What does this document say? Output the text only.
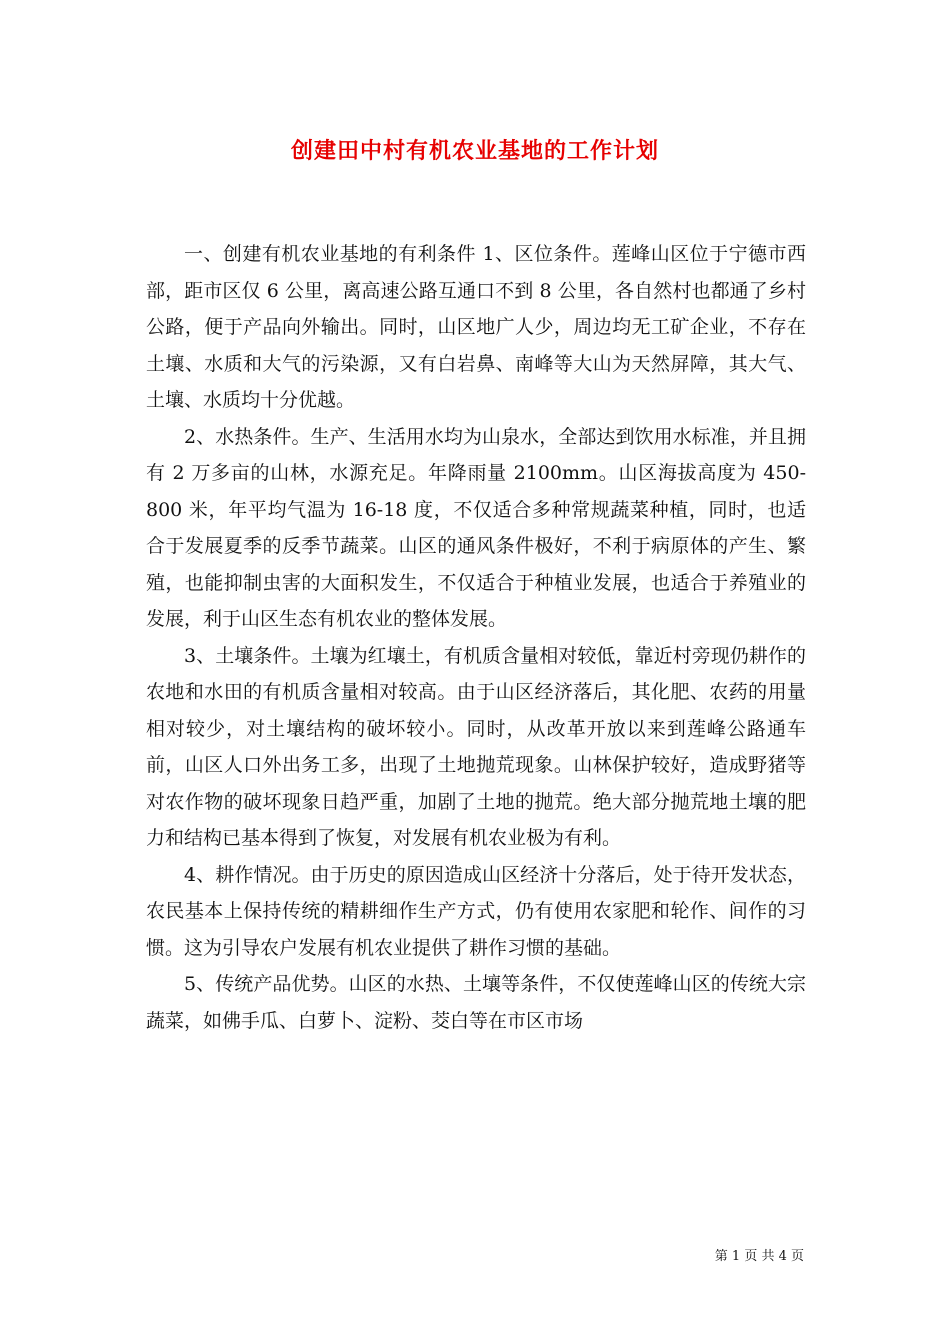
创建田中村有机农业基地的工作计划

一、创建有机农业基地的有利条件 1、区位条件。莲峰山区位于宁德市西部，距市区仅 6 公里，离高速公路互通口不到 8 公里，各自然村也都通了乡村公路，便于产品向外输出。同时，山区地广人少，周边均无工矿企业，不存在土壤、水质和大气的污染源，又有白岩鼻、南峰等大山为天然屏障，其大气、土壤、水质均十分优越。

2、水热条件。生产、生活用水均为山泉水，全部达到饮用水标准，并且拥有 2 万多亩的山林，水源充足。年降雨量 2100mm。山区海拔高度为 450-800 米，年平均气温为 16-18 度，不仅适合多种常规蔬菜种植，同时，也适合于发展夏季的反季节蔬菜。山区的通风条件极好，不利于病原体的产生、繁殖，也能抑制虫害的大面积发生，不仅适合于种植业发展，也适合于养殖业的发展，利于山区生态有机农业的整体发展。

3、土壤条件。土壤为红壤土，有机质含量相对较低，靠近村旁现仍耕作的农地和水田的有机质含量相对较高。由于山区经济落后，其化肥、农药的用量相对较少，对土壤结构的破坏较小。同时，从改革开放以来到莲峰公路通车前，山区人口外出务工多，出现了土地抛荒现象。山林保护较好，造成野猪等对农作物的破坏现象日趋严重，加剧了土地的抛荒。绝大部分抛荒地土壤的肥力和结构已基本得到了恢复，对发展有机农业极为有利。

4、耕作情况。由于历史的原因造成山区经济十分落后，处于待开发状态，农民基本上保持传统的精耕细作生产方式，仍有使用农家肥和轮作、间作的习惯。这为引导农户发展有机农业提供了耕作习惯的基础。

5、传统产品优势。山区的水热、土壤等条件，不仅使莲峰山区的传统大宗蔬菜，如佛手瓜、白萝卜、淀粉、茭白等在市区市场

第 1 页 共 4 页
